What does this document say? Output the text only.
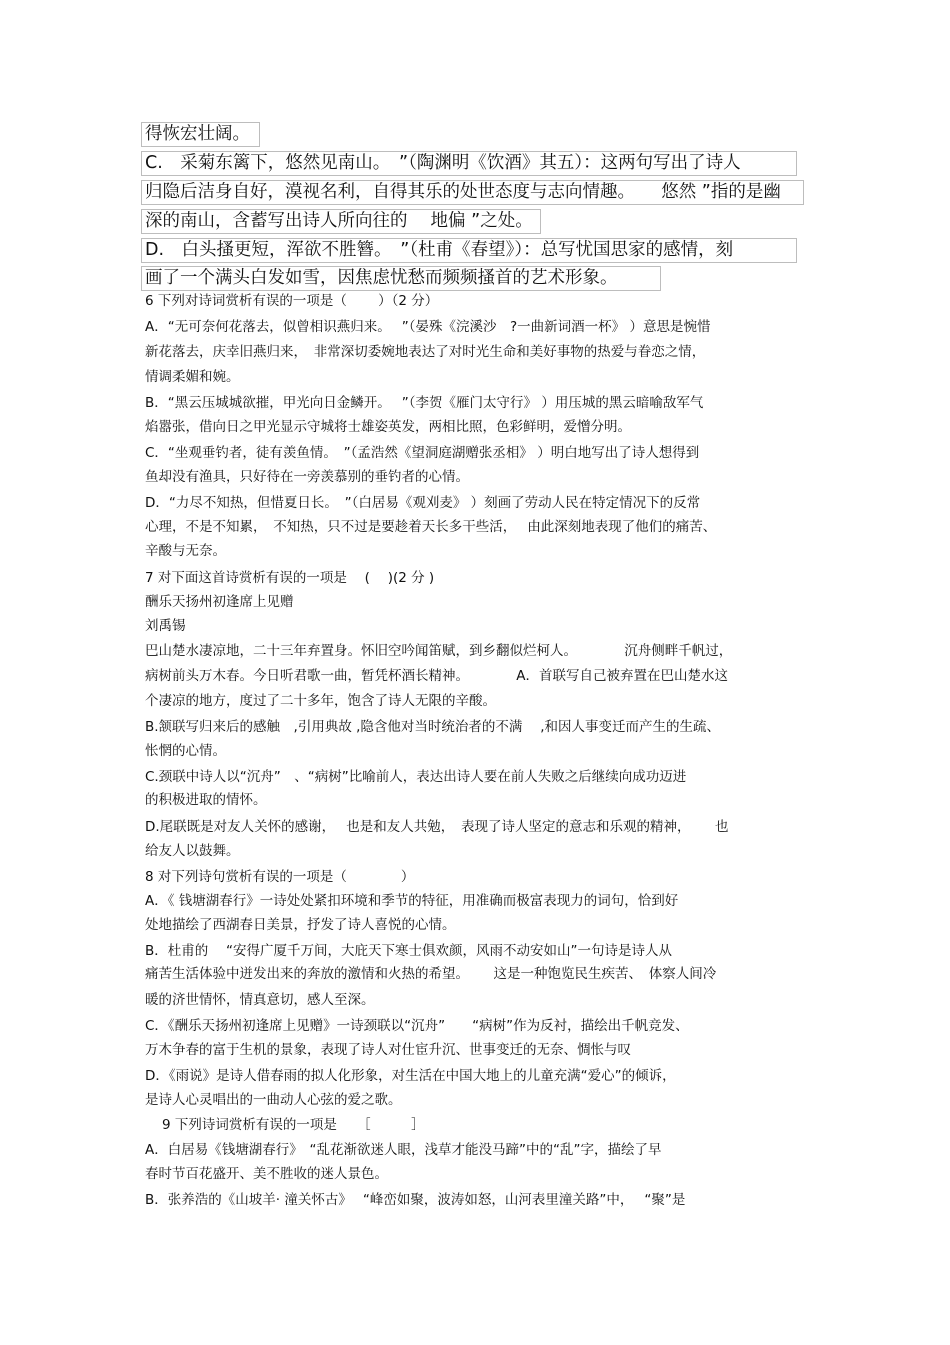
得恢宏壮阔。
C.　采菊东篱下，悠然见南山。　”（陶渊明《饮酒》其五）：这两句写出了诗人
归隐后洁身自好，漠视名利，自得其乐的处世态度与志向情趣。　　悠然 ”指的是幽
深的南山，含蓄写出诗人所向往的　 地偏 ”之处。
D.　白头搔更短，浑欲不胜簪。　”（杜甫《春望》）：总写忧国思家的感情，刻
画了一个满头白发如雪，因焦虑忧愁而频频搔首的艺术形象。
6 下列对诗词赏析有误的一项是（　　 ）（2 分）
A．“无可奈何花落去，似曾相识燕归来。　 ”（晏殊《浣溪沙　?一曲新词酒一杯》 ）意思是惋惜
新花落去，庆幸旧燕归来，　非常深切委婉地表达了对时光生命和美好事物的热爱与眷恋之情，
情调柔媚和婉。
B．“黑云压城城欲摧，甲光向日金鳞开。　 ”（李贺《雁门太守行》 ）用压城的黑云暗喻敌军气
焰嚣张，借向日之甲光显示守城将士雄姿英发，两相比照，色彩鲜明，爱憎分明。
C．“坐观垂钓者，徒有羡鱼情。　”（孟浩然《望洞庭湖赠张丞相》 ）明白地写出了诗人想得到
鱼却没有渔具，只好待在一旁羡慕别的垂钓者的心情。
D．“力尽不知热，但惜夏日长。　”（白居易《观刈麦》 ）刻画了劳动人民在特定情况下的反常
心理，不是不知累，　不知热，只不过是要趁着天长多干些活，　 由此深刻地表现了他们的痛苦、
辛酸与无奈。
7 对下面这首诗赏析有误的一项是　 ( 　)(2 分 )
酬乐天扬州初逢席上见赠
刘禹锡
巴山楚水凄凉地，二十三年弃置身。怀旧空吟闻笛赋，到乡翻似烂柯人。　　　　沉舟侧畔千帆过，
病树前头万木春。今日听君歌一曲，暂凭杯酒长精神。　　　　A．首联写自己被弃置在巴山楚水这
个凄凉的地方，度过了二十多年，饱含了诗人无限的辛酸。
B.颔联写归来后的感触　,引用典故 ,隐含他对当时统治者的不满　 ,和因人事变迁而产生的生疏、
怅惘的心情。
C.颈联中诗人以“沉舟”　、“病树”比喻前人，表达出诗人要在前人失败之后继续向成功迈进
的积极进取的情怀。
D.尾联既是对友人关怀的感谢，　 也是和友人共勉，　表现了诗人坚定的意志和乐观的精神，　　 也
给友人以鼓舞。
8 对下列诗句赏析有误的一项是（　　　　）
A．《 钱塘湖春行》一诗处处紧扣环境和季节的特征，用准确而极富表现力的词句，恰到好
处地描绘了西湖春日美景，抒发了诗人喜悦的心情。
B．杜甫的　 “安得广厦千万间，大庇天下寒士俱欢颜，风雨不动安如山”一句诗是诗人从
痛苦生活体验中迸发出来的奔放的激情和火热的希望。　　 这是一种饱览民生疾苦、　体察人间冷
暖的济世情怀，情真意切，感人至深。
C．《酬乐天扬州初逢席上见赠》一诗颈联以“沉舟”　　“病树”作为反衬，描绘出千帆竞发、
万木争春的富于生机的景象，表现了诗人对仕宦升沉、世事变迁的无奈、惆怅与叹
D．《雨说》是诗人借春雨的拟人化形象，对生活在中国大地上的儿童充满“爱心”的倾诉，
是诗人心灵唱出的一曲动人心弦的爱之歌。
9 下列诗词赏析有误的一项是　　［　　　］
A．白居易《钱塘湖春行》　“乱花渐欲迷人眼，浅草才能没马蹄”中的“乱”字，描绘了早
春时节百花盛开、美不胜收的迷人景色。
B．张养浩的《山坡羊· 潼关怀古》　 “峰峦如聚，波涛如怒，山河表里潼关路”中，　 “聚”是
